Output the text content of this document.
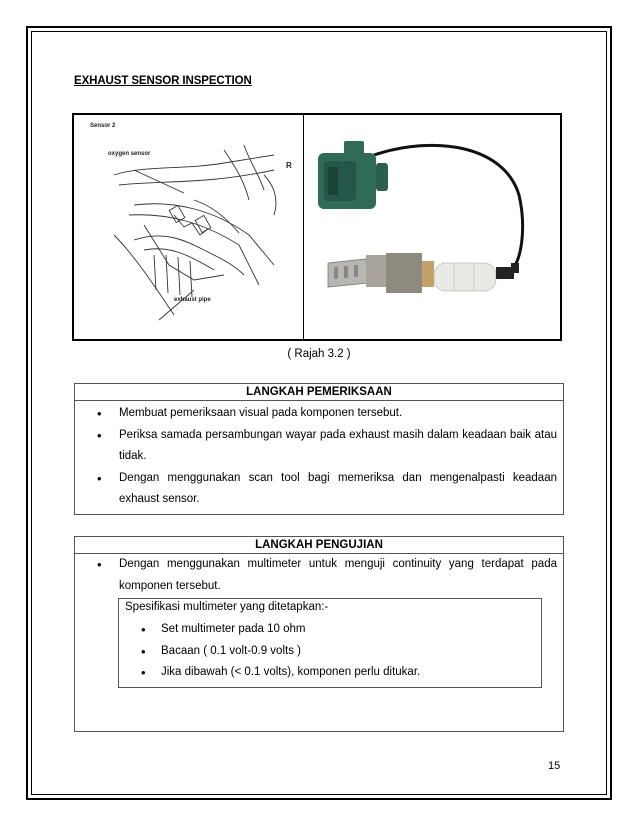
EXHAUST SENSOR INSPECTION
Sensor 2
oxygen sensor
exhaust pipe
R
( Rajah 3.2 )
LANGKAH PEMERIKSAAN
• Membuat pemeriksaan visual pada komponen tersebut.
• Periksa samada persambungan wayar pada exhaust masih dalam keadaan baik atau tidak.
• Dengan menggunakan scan tool bagi memeriksa dan mengenalpasti keadaan exhaust sensor.
LANGKAH PENGUJIAN
• Dengan menggunakan multimeter untuk menguji continuity yang terdapat pada komponen tersebut.
Spesifikasi multimeter yang ditetapkan:-
• Set multimeter pada 10 ohm
• Bacaan ( 0.1 volt-0.9 volts )
• Jika dibawah (< 0.1 volts), komponen perlu ditukar.
15
